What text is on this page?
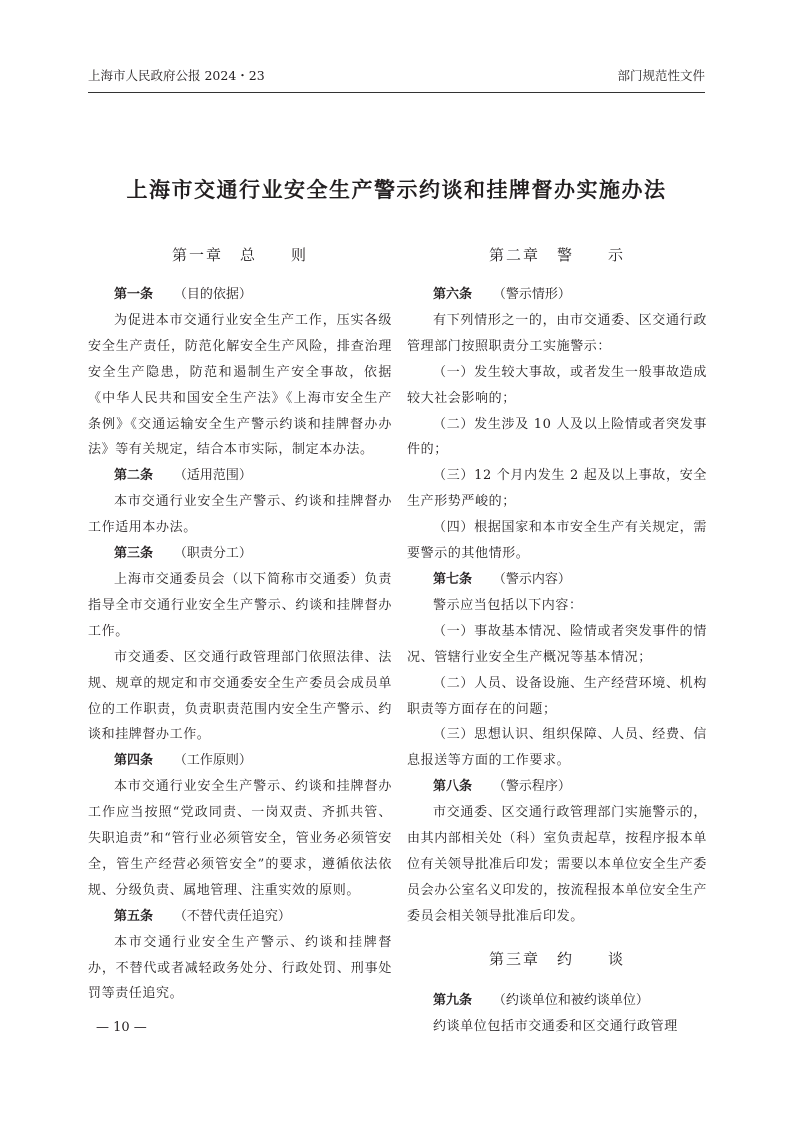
上海市人民政府公报 2024・23	部门规范性文件
上海市交通行业安全生产警示约谈和挂牌督办实施办法
第一章　总　　则
第一条 （目的依据）
为促进本市交通行业安全生产工作，压实各级安全生产责任，防范化解安全生产风险，排查治理安全生产隐患，防范和遏制生产安全事故，依据《中华人民共和国安全生产法》《上海市安全生产条例》《交通运输安全生产警示约谈和挂牌督办办法》等有关规定，结合本市实际，制定本办法。
第二条 （适用范围）
本市交通行业安全生产警示、约谈和挂牌督办工作适用本办法。
第三条 （职责分工）
上海市交通委员会（以下简称市交通委）负责指导全市交通行业安全生产警示、约谈和挂牌督办工作。
市交通委、区交通行政管理部门依照法律、法规、规章的规定和市交通委安全生产委员会成员单位的工作职责，负责职责范围内安全生产警示、约谈和挂牌督办工作。
第四条 （工作原则）
本市交通行业安全生产警示、约谈和挂牌督办工作应当按照“党政同责、一岗双责、齐抓共管、失职追责”和“管行业必须管安全，管业务必须管安全，管生产经营必须管安全”的要求，遵循依法依规、分级负责、属地管理、注重实效的原则。
第五条 （不替代责任追究）
本市交通行业安全生产警示、约谈和挂牌督办，不替代或者减轻政务处分、行政处罚、刑事处罚等责任追究。
第二章　警　　示
第六条 （警示情形）
有下列情形之一的，由市交通委、区交通行政管理部门按照职责分工实施警示：
（一）发生较大事故，或者发生一般事故造成较大社会影响的；
（二）发生涉及 10 人及以上险情或者突发事件的；
（三）12 个月内发生 2 起及以上事故，安全生产形势严峻的；
（四）根据国家和本市安全生产有关规定，需要警示的其他情形。
第七条 （警示内容）
警示应当包括以下内容：
（一）事故基本情况、险情或者突发事件的情况、管辖行业安全生产概况等基本情况；
（二）人员、设备设施、生产经营环境、机构职责等方面存在的问题；
（三）思想认识、组织保障、人员、经费、信息报送等方面的工作要求。
第八条 （警示程序）
市交通委、区交通行政管理部门实施警示的，由其内部相关处（科）室负责起草，按程序报本单位有关领导批准后印发；需要以本单位安全生产委员会办公室名义印发的，按流程报本单位安全生产委员会相关领导批准后印发。
第三章　约　　谈
第九条 （约谈单位和被约谈单位）
约谈单位包括市交通委和区交通行政管理
— 10 —
